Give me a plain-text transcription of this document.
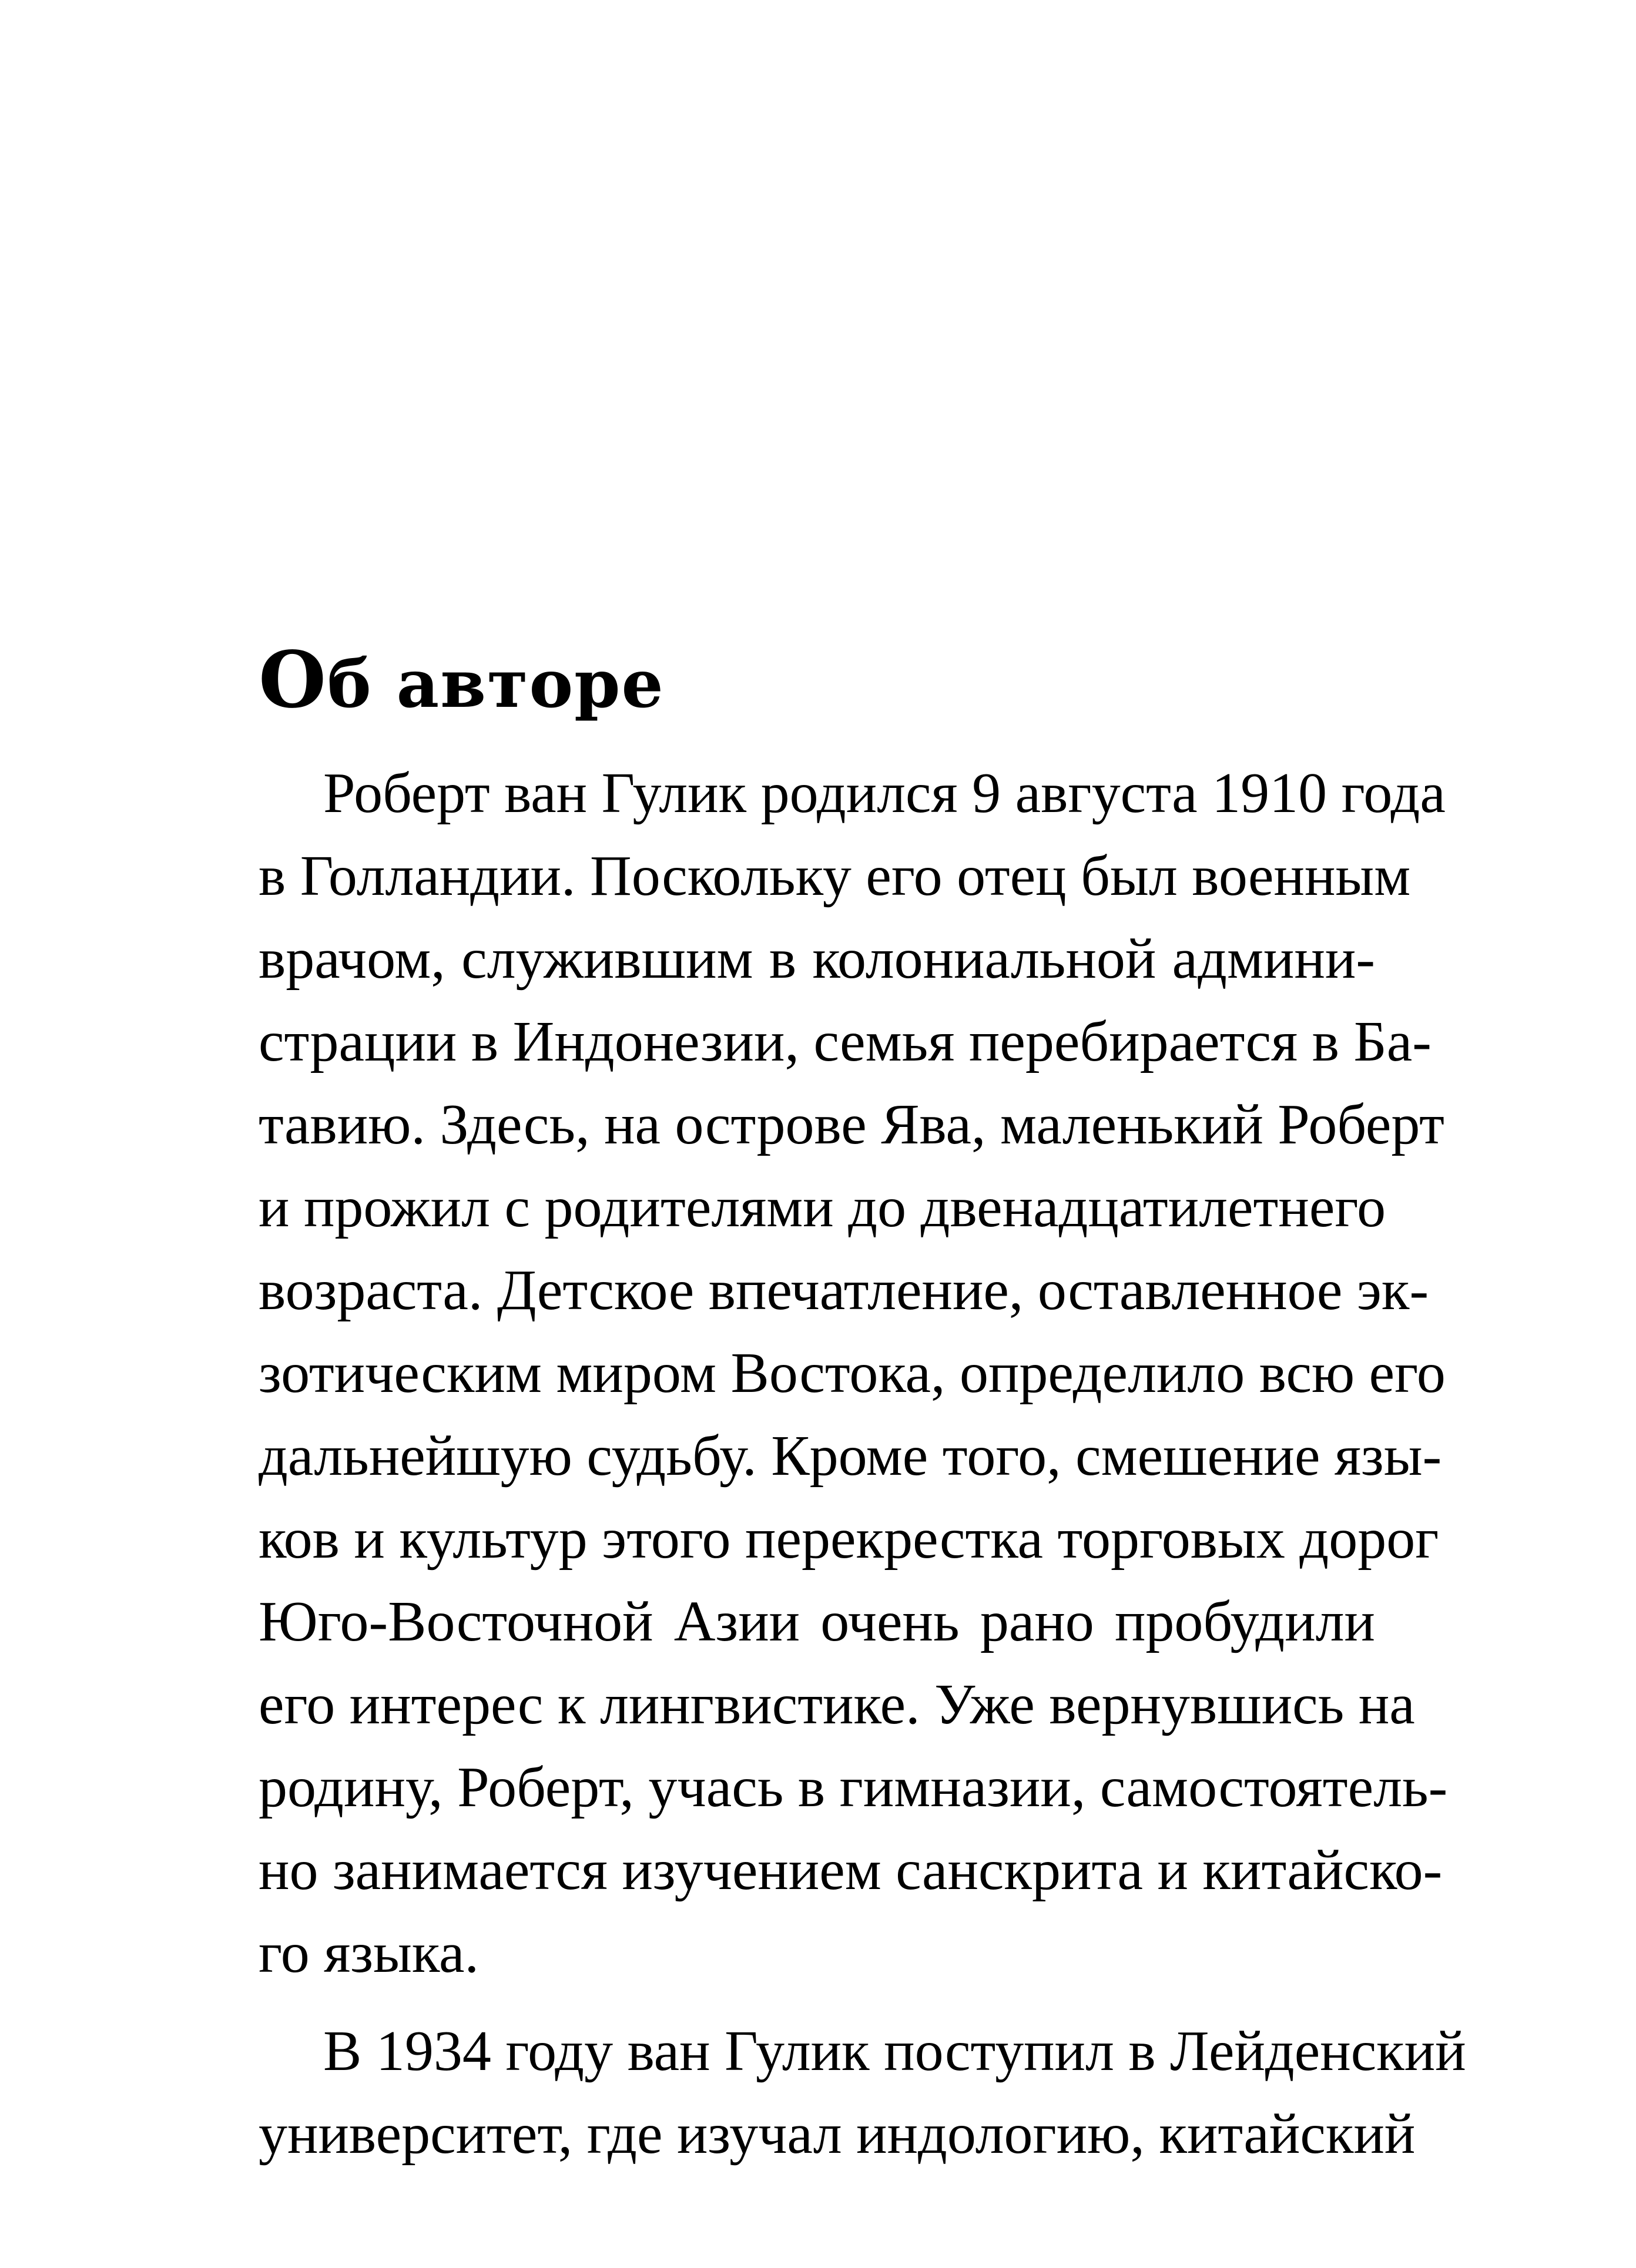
Об авторе
Роберт ван Гулик родился 9 августа 1910 года
в Голландии. Поскольку его отец был военным
врачом, служившим в колониальной админи-
страции в Индонезии, семья перебирается в Ба-
тавию. Здесь, на острове Ява, маленький Роберт
и прожил с родителями до двенадцатилетнего
возраста. Детское впечатление, оставленное эк-
зотическим миром Востока, определило всю его
дальнейшую судьбу. Кроме того, смешение язы-
ков и культур этого перекрестка торговых дорог
Юго-Восточной Азии очень рано пробудили
его интерес к лингвистике. Уже вернувшись на
родину, Роберт, учась в гимназии, самостоятель-
но занимается изучением санскрита и китайско-
го языка.
В 1934 году ван Гулик поступил в Лейденский
университет, где изучал индологию, китайский
